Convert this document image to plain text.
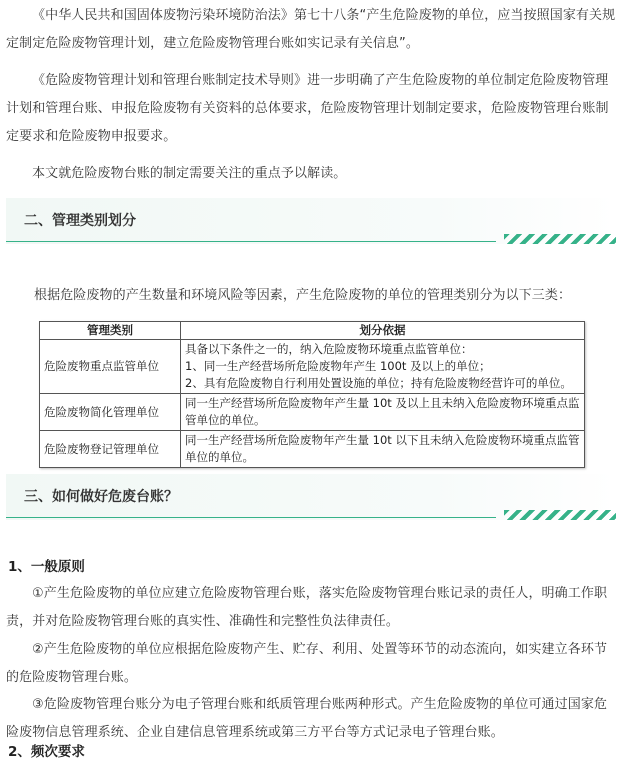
《中华人民共和国固体废物污染环境防治法》第七十八条“产生危险废物的单位，应当按照国家有关规定制定危险废物管理计划，建立危险废物管理台账如实记录有关信息”。

《危险废物管理计划和管理台账制定技术导则》进一步明确了产生危险废物的单位制定危险废物管理计划和管理台账、申报危险废物有关资料的总体要求，危险废物管理计划制定要求，危险废物管理台账制定要求和危险废物申报要求。

本文就危险废物台账的制定需要关注的重点予以解读。

二、管理类别划分

根据危险废物的产生数量和环境风险等因素，产生危险废物的单位的管理类别分为以下三类：

管理类别	划分依据
危险废物重点监管单位	具备以下条件之一的，纳入危险废物环境重点监管单位：
1、同一生产经营场所危险废物年产生 100t 及以上的单位；
2、具有危险废物自行利用处置设施的单位；持有危险废物经营许可的单位。

危险废物简化管理单位	同一生产经营场所危险废物年产生量 10t 及以上且未纳入危险废物环境重点监管单位的单位。
危险废物登记管理单位	同一生产经营场所危险废物年产生量 10t 以下且未纳入危险废物环境重点监管单位的单位。
三、如何做好危废台账？
1、一般原则

①产生危险废物的单位应建立危险废物管理台账，落实危险废物管理台账记录的责任人，明确工作职责，并对危险废物管理台账的真实性、准确性和完整性负法律责任。

②产生危险废物的单位应根据危险废物产生、贮存、利用、处置等环节的动态流向，如实建立各环节的危险废物管理台账。

③危险废物管理台账分为电子管理台账和纸质管理台账两种形式。产生危险废物的单位可通过国家危险废物信息管理系统、企业自建信息管理系统或第三方平台等方式记录电子管理台账。

2、频次要求
